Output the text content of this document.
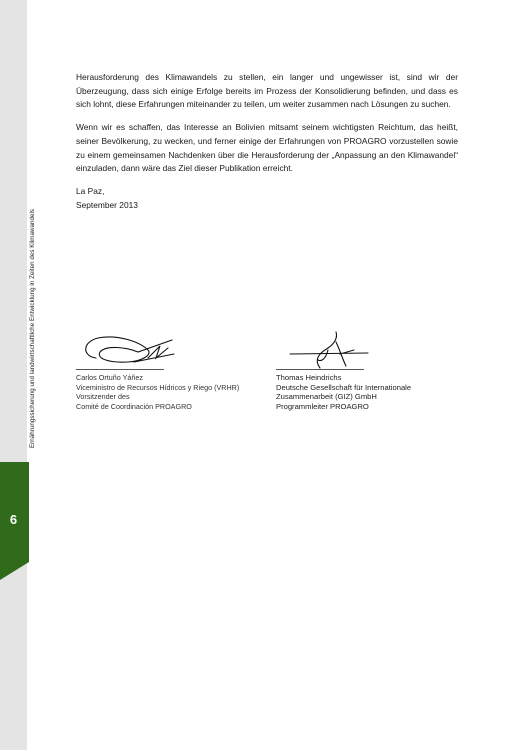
Ernährungssicherung und landwirtschaftliche Entwicklung in Zeiten des Klimawandels
6

Herausforderung des Klimawandels zu stellen, ein langer und ungewisser ist, sind wir der Überzeugung, dass sich einige Erfolge bereits im Prozess der Konsolidierung befinden, und dass es sich lohnt, diese Erfahrungen miteinander zu teilen, um weiter zusammen nach Lösungen zu suchen.

Wenn wir es schaffen, das Interesse an Bolivien mitsamt seinem wichtigsten Reichtum, das heißt, seiner Bevölkerung, zu wecken, und ferner einige der Erfahrungen von PROAGRO vorzustellen sowie zu einem gemeinsamen Nachdenken über die Herausforderung der „Anpassung an den Klimawandel“ einzuladen, dann wäre das Ziel dieser Publikation erreicht.

La Paz,

September 2013

Carlos Ortuño Yáñez
Viceministro de Recursos Hídricos y Riego (VRHR)
Vorsitzender des
Comité de Coordinación PROAGRO
Thomas Heindrichs
Deutsche Gesellschaft für Internationale
Zusammenarbeit (GIZ) GmbH
Programmleiter PROAGRO
